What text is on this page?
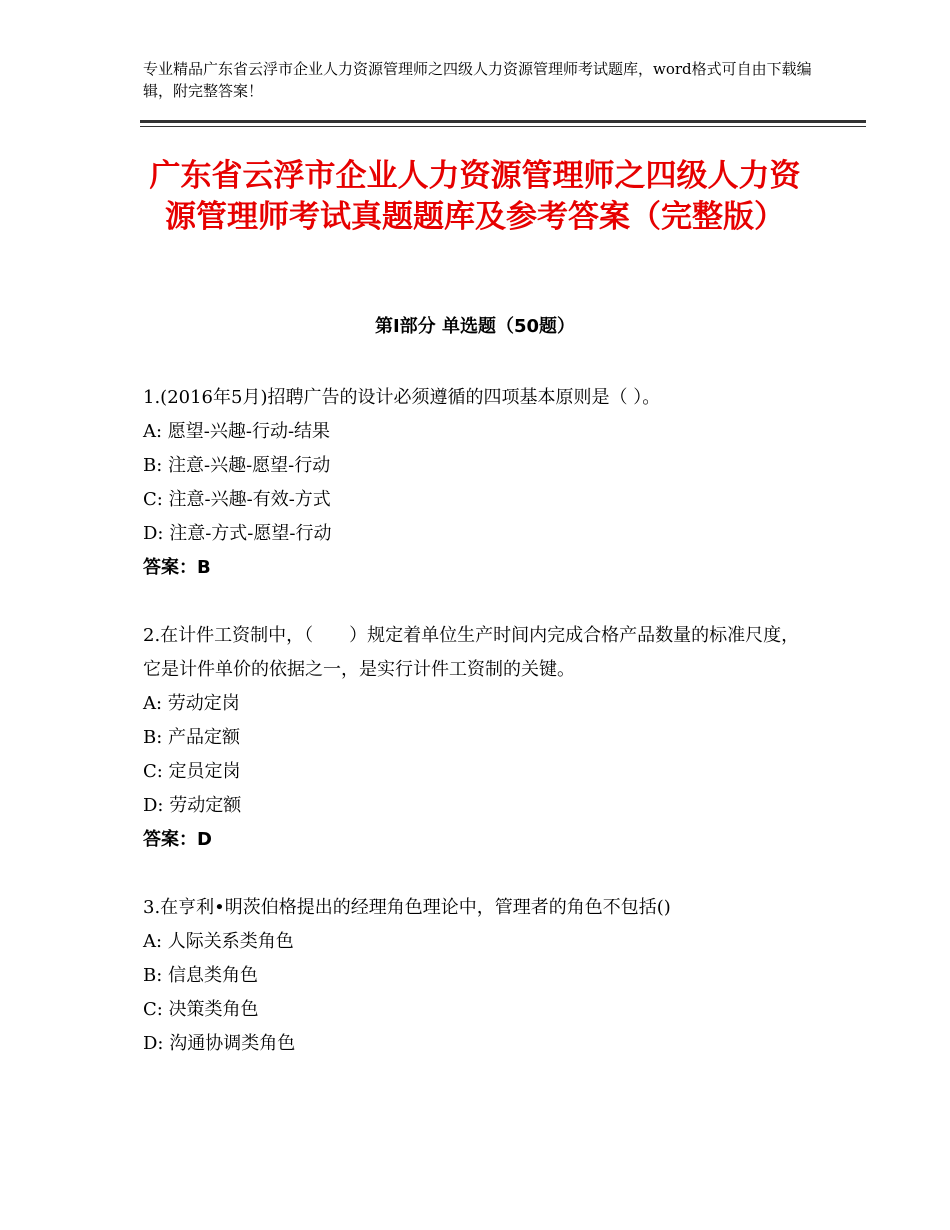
专业精品广东省云浮市企业人力资源管理师之四级人力资源管理师考试题库，word格式可自由下载编辑，附完整答案！
广东省云浮市企业人力资源管理师之四级人力资源管理师考试真题题库及参考答案（完整版）
第Ⅰ部分 单选题（50题）
1.(2016年5月)招聘广告的设计必须遵循的四项基本原则是（ ）。
A: 愿望-兴趣-行动-结果
B: 注意-兴趣-愿望-行动
C: 注意-兴趣-有效-方式
D: 注意-方式-愿望-行动
答案：B
2.在计件工资制中，（　　）规定着单位生产时间内完成合格产品数量的标准尺度，它是计件单价的依据之一，是实行计件工资制的关键。
A: 劳动定岗
B: 产品定额
C: 定员定岗
D: 劳动定额
答案：D
3.在亨利•明茨伯格提出的经理角色理论中，管理者的角色不包括()
A: 人际关系类角色
B: 信息类角色
C: 决策类角色
D: 沟通协调类角色
